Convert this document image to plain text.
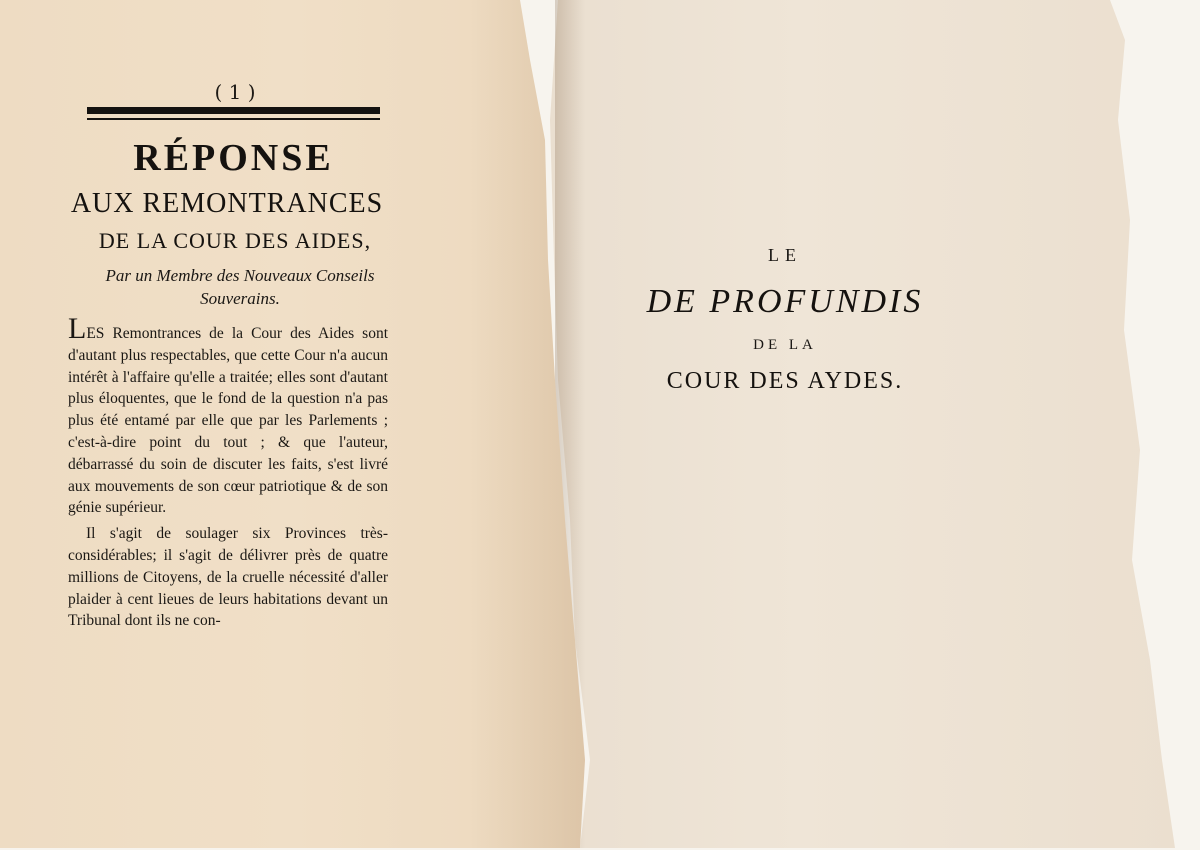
( 1 )
RÉPONSE
AUX REMONTRANCES
DE LA COUR DES AIDES,
Par un Membre des Nouveaux Conseils
Souverains.

LES Remontrances de la Cour des Aides sont d'autant plus respectables, que cette Cour n'a aucun intérêt à l'affaire qu'elle a traitée; elles sont d'autant plus éloquentes, que le fond de la question n'a pas plus été entamé par elle que par les Parlements ; c'est-à-dire point du tout ; & que l'auteur, débarrassé du soin de discuter les faits, s'est livré aux mouvements de son cœur patriotique & de son génie supérieur.

Il s'agit de soulager six Provinces très-considérables; il s'agit de délivrer près de quatre millions de Citoyens, de la cruelle nécessité d'aller plaider à cent lieues de leurs habitations devant un Tribunal dont ils ne con-

LE
DE PROFUNDIS
DE LA
COUR DES AYDES.
